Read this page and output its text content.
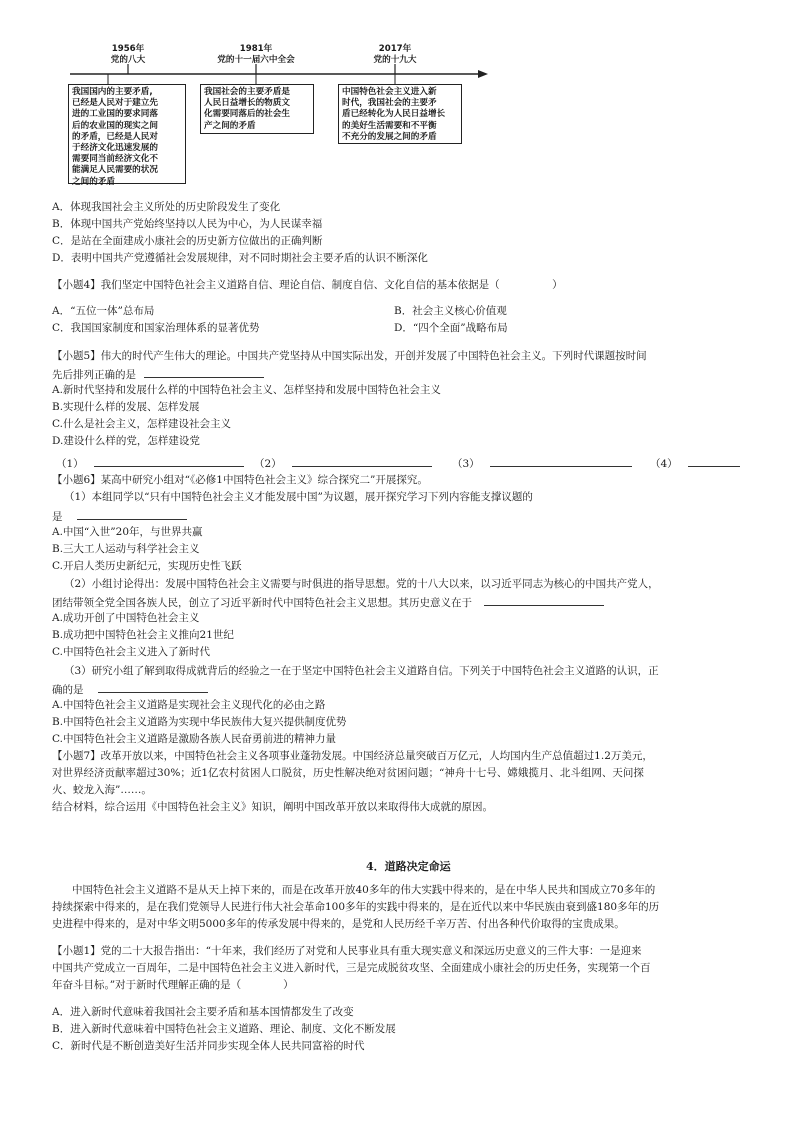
1956年
党的八大
1981年
党的十一届六中全会
2017年
党的十九大
我国国内的主要矛盾,
已经是人民对于建立先
进的工业国的要求同落
后的农业国的现实之间
的矛盾，已经是人民对
于经济文化迅速发展的
需要同当前经济文化不
能满足人民需要的状况
之间的矛盾
我国社会的主要矛盾是
人民日益增长的物质文
化需要同落后的社会生
产之间的矛盾
中国特色社会主义进入新
时代，我国社会的主要矛
盾已经转化为人民日益增长
的美好生活需要和不平衡
不充分的发展之间的矛盾
A．体现我国社会主义所处的历史阶段发生了变化
B．体现中国共产党始终坚持以人民为中心，为人民谋幸福
C．是站在全面建成小康社会的历史新方位做出的正确判断
D．表明中国共产党遵循社会发展规律，对不同时期社会主要矛盾的认识不断深化
【小题4】我们坚定中国特色社会主义道路自信、理论自信、制度自信、文化自信的基本依据是（　　　　　）
A．“五位一体”总布局	B．社会主义核心价值观
C．我国国家制度和国家治理体系的显著优势	D．“四个全面”战略布局
【小题5】伟大的时代产生伟大的理论。中国共产党坚持从中国实际出发，开创并发展了中国特色社会主义。下列时代课题按时间
先后排列正确的是
A.新时代坚持和发展什么样的中国特色社会主义、怎样坚持和发展中国特色社会主义
B.实现什么样的发展、怎样发展
C.什么是社会主义，怎样建设社会主义
D.建设什么样的党，怎样建设党
（1）	（2）	（3）	（4）
【小题6】某高中研究小组对“《必修1中国特色社会主义》综合探究二”开展探究。
（1）本组同学以“只有中国特色社会主义才能发展中国”为议题，展开探究学习下列内容能支撑议题的
是
A.中国“入世”20年，与世界共赢
B.三大工人运动与科学社会主义
C.开启人类历史新纪元，实现历史性飞跃
（2）小组讨论得出：发展中国特色社会主义需要与时俱进的指导思想。党的十八大以来，以习近平同志为核心的中国共产党人，
团结带领全党全国各族人民，创立了习近平新时代中国特色社会主义思想。其历史意义在于
A.成功开创了中国特色社会主义
B.成功把中国特色社会主义推向21世纪
C.中国特色社会主义进入了新时代
（3）研究小组了解到取得成就背后的经验之一在于坚定中国特色社会主义道路自信。下列关于中国特色社会主义道路的认识，正
确的是
A.中国特色社会主义道路是实现社会主义现代化的必由之路
B.中国特色社会主义道路为实现中华民族伟大复兴提供制度优势
C.中国特色社会主义道路是激励各族人民奋勇前进的精神力量
【小题7】改革开放以来，中国特色社会主义各项事业蓬勃发展。中国经济总量突破百万亿元，人均国内生产总值超过1.2万美元，
对世界经济贡献率超过30%；近1亿农村贫困人口脱贫，历史性解决绝对贫困问题；“神舟十七号、嫦娥揽月、北斗组网、天问探
火、蛟龙入海”……。
结合材料，综合运用《中国特色社会主义》知识，阐明中国改革开放以来取得伟大成就的原因。
4．道路决定命运
中国特色社会主义道路不是从天上掉下来的，而是在改革开放40多年的伟大实践中得来的，是在中华人民共和国成立70多年的
持续探索中得来的，是在我们党领导人民进行伟大社会革命100多年的实践中得来的，是在近代以来中华民族由衰到盛180多年的历
史进程中得来的，是对中华文明5000多年的传承发展中得来的，是党和人民历经千辛万苦、付出各种代价取得的宝贵成果。
【小题1】党的二十大报告指出：“十年来，我们经历了对党和人民事业具有重大现实意义和深远历史意义的三件大事：一是迎来
中国共产党成立一百周年，二是中国特色社会主义进入新时代，三是完成脱贫攻坚、全面建成小康社会的历史任务，实现第一个百
年奋斗目标。”对于新时代理解正确的是（　　　　）
A．进入新时代意味着我国社会主要矛盾和基本国情都发生了改变
B．进入新时代意味着中国特色社会主义道路、理论、制度、文化不断发展
C．新时代是不断创造美好生活并同步实现全体人民共同富裕的时代
